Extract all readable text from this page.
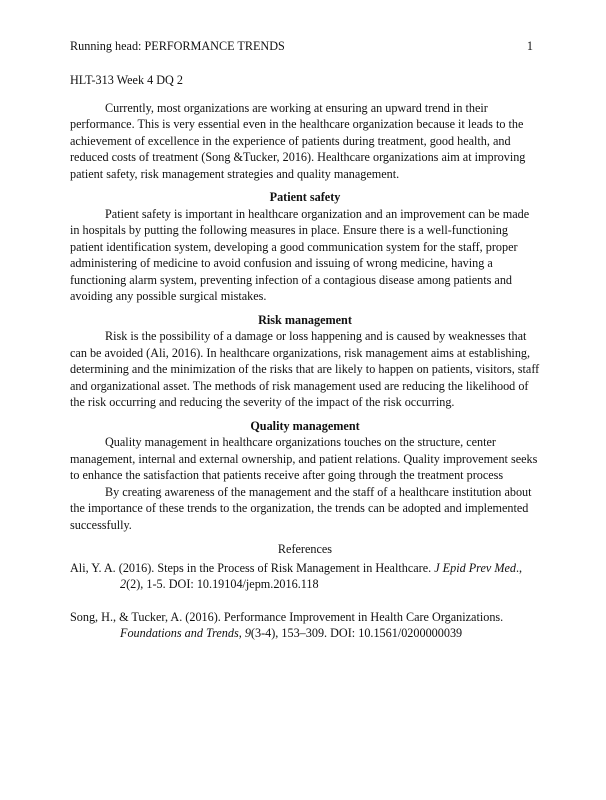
Running head: PERFORMANCE TRENDS	1

HLT-313 Week 4 DQ 2

Currently, most organizations are working at ensuring an upward trend in their performance. This is very essential even in the healthcare organization because it leads to the achievement of excellence in the experience of patients during treatment, good health, and reduced costs of treatment (Song &Tucker, 2016). Healthcare organizations aim at improving patient safety, risk management strategies and quality management.

Patient safety

Patient safety is important in healthcare organization and an improvement can be made in hospitals by putting the following measures in place. Ensure there is a well-functioning patient identification system, developing a good communication system for the staff, proper administering of medicine to avoid confusion and issuing of wrong medicine, having a functioning alarm system, preventing infection of a contagious disease among patients and avoiding any possible surgical mistakes.

Risk management

Risk is the possibility of a damage or loss happening and is caused by weaknesses that can be avoided (Ali, 2016). In healthcare organizations, risk management aims at establishing, determining and the minimization of the risks that are likely to happen on patients, visitors, staff and organizational asset. The methods of risk management used are reducing the likelihood of the risk occurring and reducing the severity of the impact of the risk occurring.

Quality management

Quality management in healthcare organizations touches on the structure, center management, internal and external ownership, and patient relations. Quality improvement seeks to enhance the satisfaction that patients receive after going through the treatment process

By creating awareness of the management and the staff of a healthcare institution about the importance of these trends to the organization, the trends can be adopted and implemented successfully.

References

Ali, Y. A. (2016). Steps in the Process of Risk Management in Healthcare. J Epid Prev Med., 2(2), 1-5. DOI: 10.19104/jepm.2016.118

Song, H., & Tucker, A. (2016). Performance Improvement in Health Care Organizations. Foundations and Trends, 9(3-4), 153–309. DOI: 10.1561/0200000039
